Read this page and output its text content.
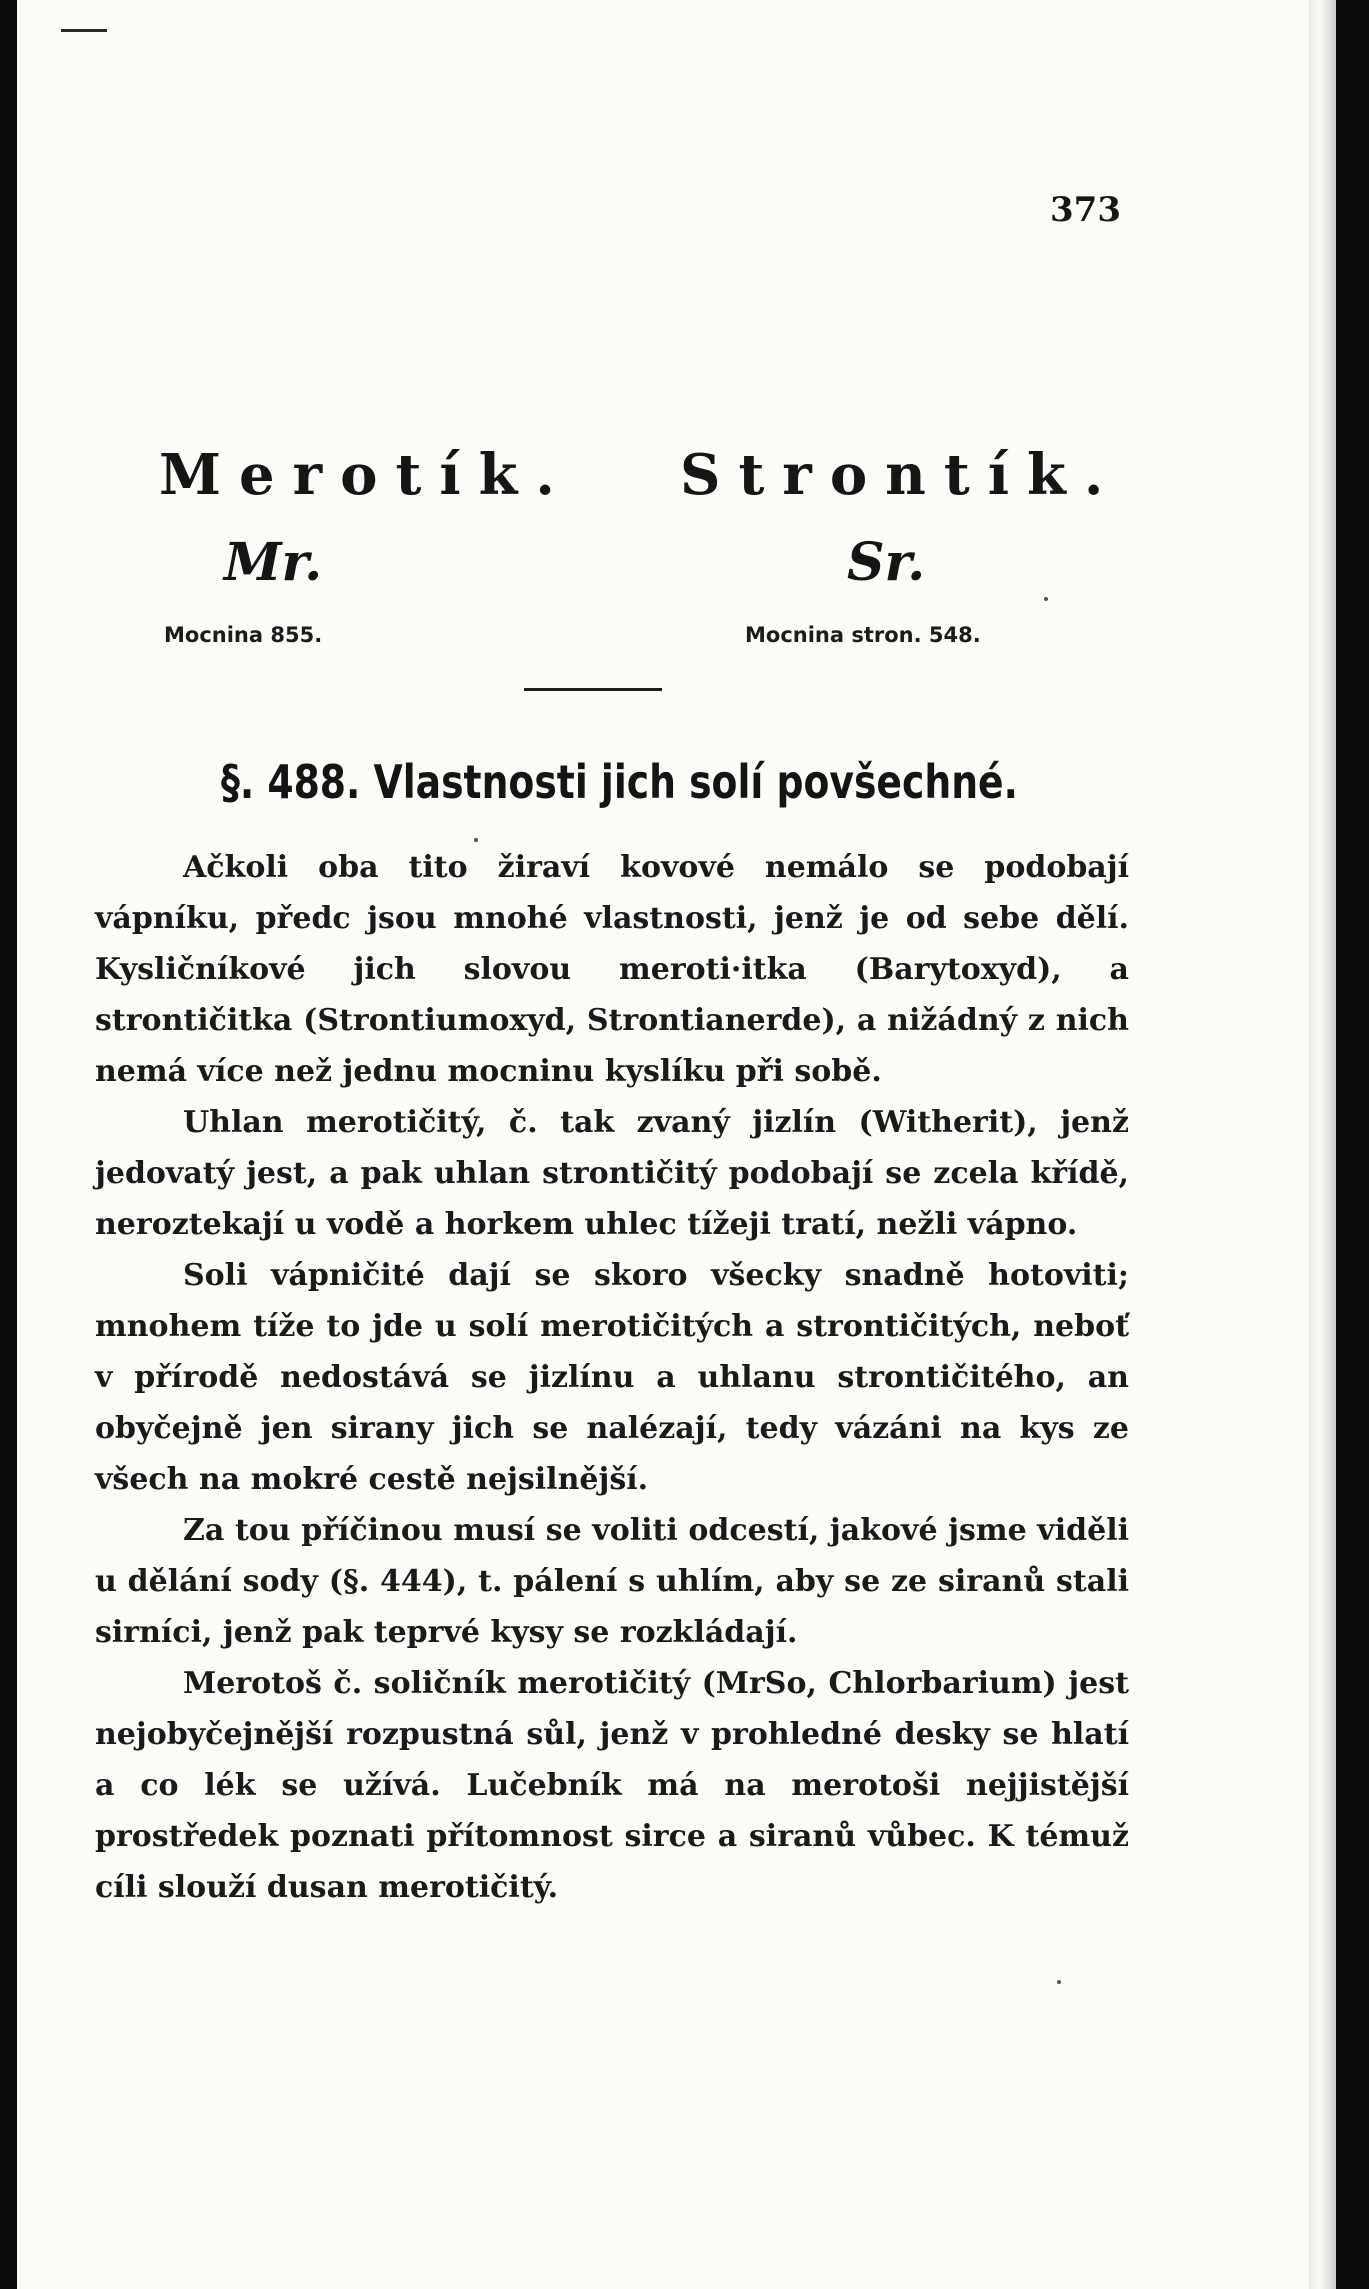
373
Merotík. Strontík.
Mr.	Sr.
Mocnina 855.	Mocnina stron. 548.
§. 488. Vlastnosti jich solí povšechné.

Ačkoli oba tito žiraví kovové nemálo se podobají vápníku, předc jsou mnohé vlastnosti, jenž je od sebe dělí. Kysličníkové jich slovou meroti·itka (Barytoxyd), a strontičitka (Strontiumoxyd, Strontianerde), a nižádný z nich nemá více než jednu mocninu kyslíku při sobě.

Uhlan merotičitý, č. tak zvaný jizlín (Witherit), jenž jedovatý jest, a pak uhlan strontičitý podobají se zcela křídě, neroztekají u vodě a horkem uhlec tížeji tratí, nežli vápno.

Soli vápničité dají se skoro všecky snadně hotoviti; mnohem tíže to jde u solí merotičitých a strontičitých, neboť v přírodě nedostává se jizlínu a uhlanu strontičitého, an obyčejně jen sirany jich se nalézají, tedy vázáni na kys ze všech na mokré cestě nejsilnější.

Za tou příčinou musí se voliti odcestí, jakové jsme viděli u dělání sody (§. 444), t. pálení s uhlím, aby se ze siranů stali sirníci, jenž pak teprvé kysy se rozkládají.

Merotoš č. soličník merotičitý (MrSo, Chlorbarium) jest nejobyčejnější rozpustná sůl, jenž v prohledné desky se hlatí a co lék se užívá. Lučebník má na merotoši nejjistější prostředek poznati přítomnost sirce a siranů vůbec. K témuž cíli slouží dusan merotičitý.
